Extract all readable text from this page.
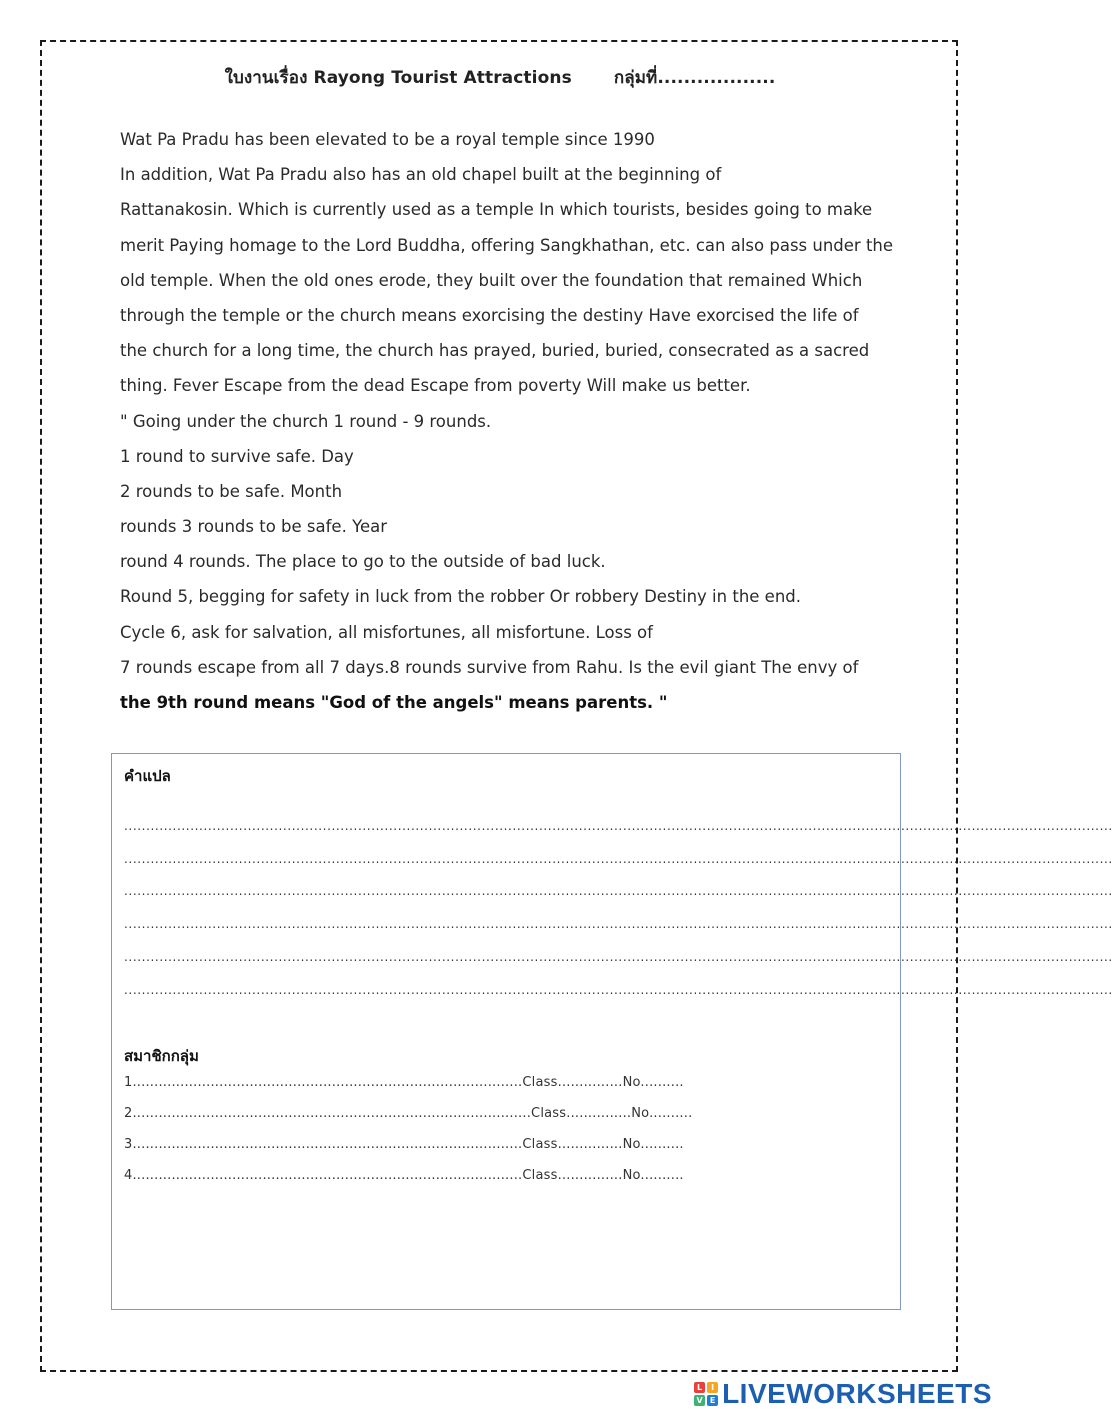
ใบงานเรื่อง Rayong Tourist Attractions กลุ่มที่..................
Wat Pa Pradu has been elevated to be a royal temple since 1990
In addition, Wat Pa Pradu also has an old chapel built at the beginning of
Rattanakosin. Which is currently used as a temple In which tourists, besides going to make
merit Paying homage to the Lord Buddha, offering Sangkhathan, etc. can also pass under the
old temple. When the old ones erode, they built over the foundation that remained Which
through the temple or the church means exorcising the destiny Have exorcised the life of
the church for a long time, the church has prayed, buried, buried, consecrated as a sacred
thing. Fever Escape from the dead Escape from poverty Will make us better.
" Going under the church 1 round - 9 rounds.
1 round to survive safe. Day
2 rounds to be safe. Month
rounds 3 rounds to be safe. Year
round 4 rounds. The place to go to the outside of bad luck.
Round 5, begging for safety in luck from the robber Or robbery Destiny in the end.
Cycle 6, ask for salvation, all misfortunes, all misfortune. Loss of
7 rounds escape from all 7 days.8 rounds survive from Rahu. Is the evil giant The envy of
the 9th round means "God of the angels" means parents. "
คำแปล
................................................................................................................................................................................................................................
................................................................................................................................................................................................................................
................................................................................................................................................................................................................................
................................................................................................................................................................................................................................
................................................................................................................................................................................................................................
................................................................................................................................................................................................................................
สมาชิกกลุ่ม
1..........................................................................................Class...............No..........
2............................................................................................Class...............No..........
3..........................................................................................Class...............No..........
4..........................................................................................Class...............No..........
L	I
V E LIVEWORKSHEETS
